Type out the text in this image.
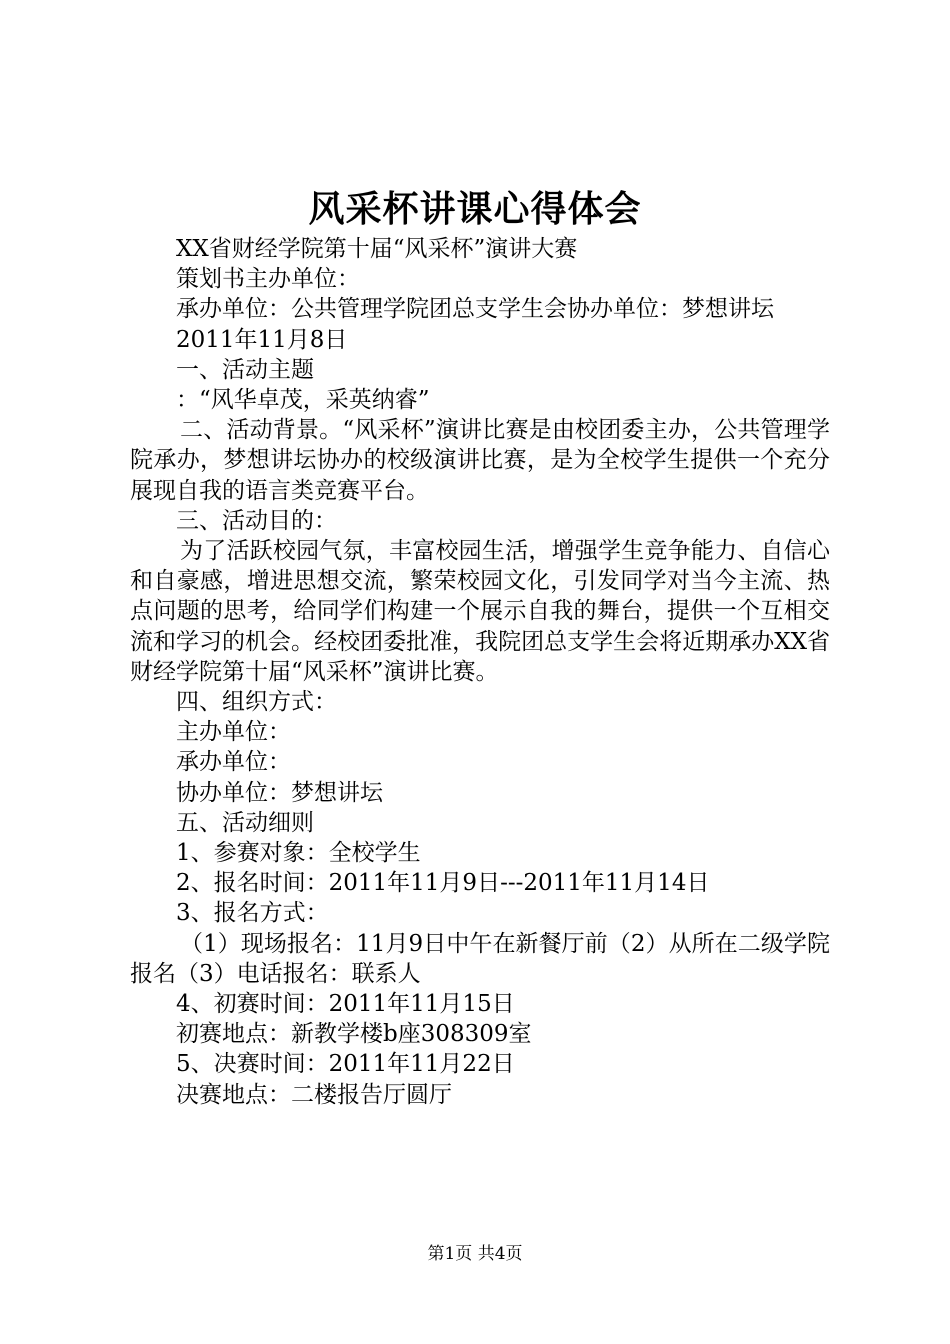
风采杯讲课心得体会

XX省财经学院第十届“风采杯”演讲大赛

策划书主办单位：

承办单位：公共管理学院团总支学生会协办单位：梦想讲坛

2011年11月8日

一、活动主题

：“风华卓茂，采英纳睿”

二、活动背景。“风采杯”演讲比赛是由校团委主办，公共管理学院承办，梦想讲坛协办的校级演讲比赛，是为全校学生提供一个充分展现自我的语言类竞赛平台。

三、活动目的：

为了活跃校园气氛，丰富校园生活，增强学生竞争能力、自信心和自豪感，增进思想交流，繁荣校园文化，引发同学对当今主流、热点问题的思考，给同学们构建一个展示自我的舞台，提供一个互相交流和学习的机会。经校团委批准，我院团总支学生会将近期承办XX省财经学院第十届“风采杯”演讲比赛。

四、组织方式：

主办单位：

承办单位：

协办单位：梦想讲坛

五、活动细则

1、参赛对象：全校学生

2、报名时间：2011年11月9日---2011年11月14日

3、报名方式：

（1）现场报名：11月9日中午在新餐厅前（2）从所在二级学院报名（3）电话报名：联系人

4、初赛时间：2011年11月15日

初赛地点：新教学楼b座308309室

5、决赛时间：2011年11月22日

决赛地点：二楼报告厅圆厅

第1页 共4页
